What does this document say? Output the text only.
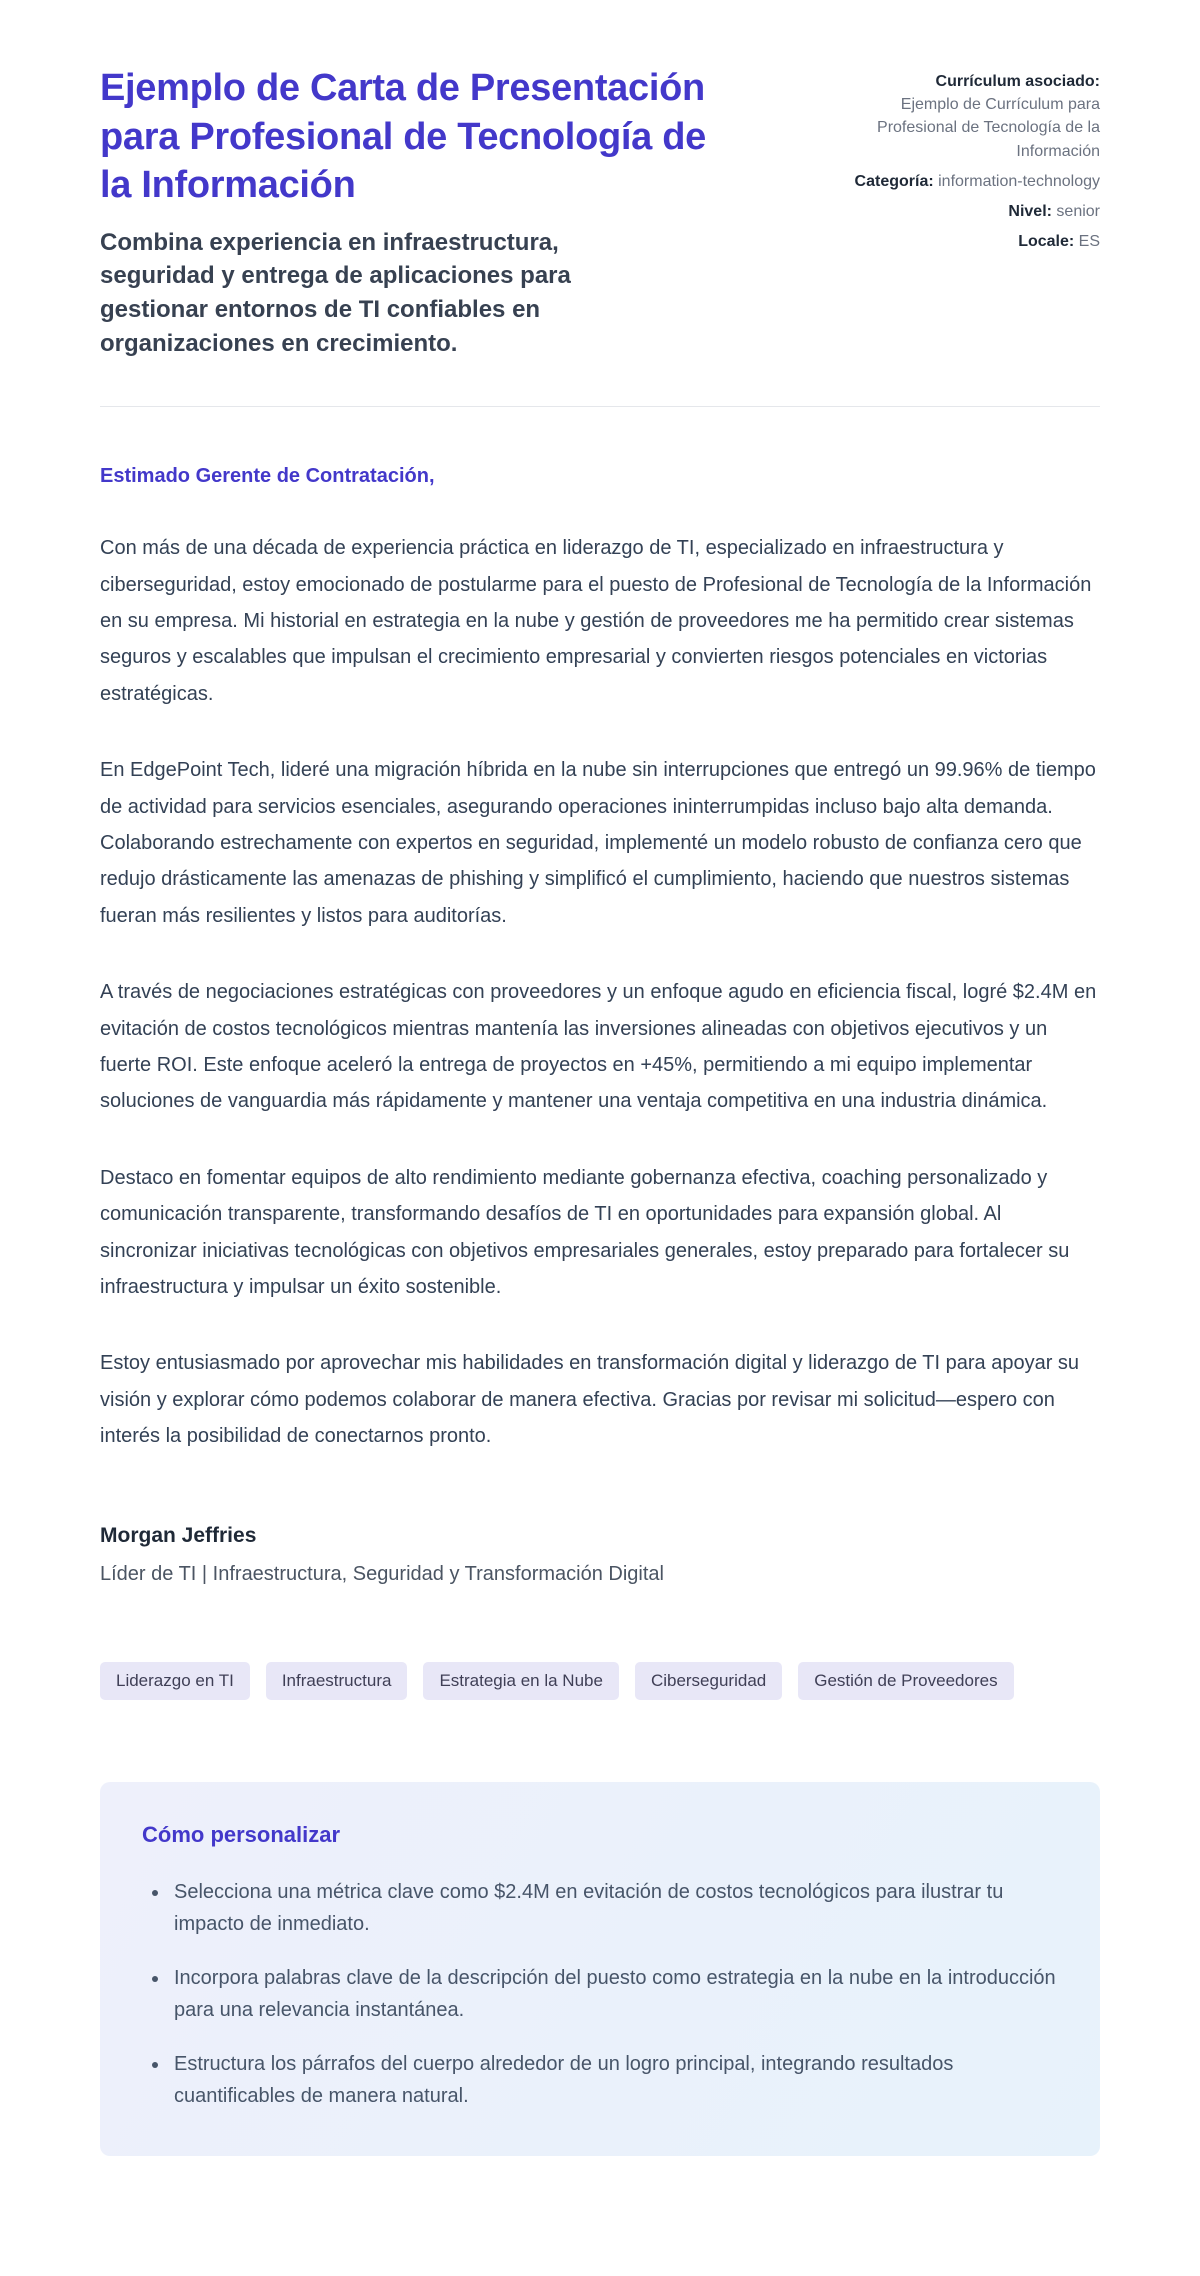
Ejemplo de Carta de Presentación para Profesional de Tecnología de la Información

Combina experiencia en infraestructura, seguridad y entrega de aplicaciones para gestionar entornos de TI confiables en organizaciones en crecimiento.

Currículum asociado:
Ejemplo de Currículum para Profesional de Tecnología de la Información
Categoría: information-technology
Nivel: senior
Locale: ES

Estimado Gerente de Contratación,

Con más de una década de experiencia práctica en liderazgo de TI, especializado en infraestructura y ciberseguridad, estoy emocionado de postularme para el puesto de Profesional de Tecnología de la Información en su empresa. Mi historial en estrategia en la nube y gestión de proveedores me ha permitido crear sistemas seguros y escalables que impulsan el crecimiento empresarial y convierten riesgos potenciales en victorias estratégicas.

En EdgePoint Tech, lideré una migración híbrida en la nube sin interrupciones que entregó un 99.96% de tiempo de actividad para servicios esenciales, asegurando operaciones ininterrumpidas incluso bajo alta demanda. Colaborando estrechamente con expertos en seguridad, implementé un modelo robusto de confianza cero que redujo drásticamente las amenazas de phishing y simplificó el cumplimiento, haciendo que nuestros sistemas fueran más resilientes y listos para auditorías.

A través de negociaciones estratégicas con proveedores y un enfoque agudo en eficiencia fiscal, logré $2.4M en evitación de costos tecnológicos mientras mantenía las inversiones alineadas con objetivos ejecutivos y un fuerte ROI. Este enfoque aceleró la entrega de proyectos en +45%, permitiendo a mi equipo implementar soluciones de vanguardia más rápidamente y mantener una ventaja competitiva en una industria dinámica.

Destaco en fomentar equipos de alto rendimiento mediante gobernanza efectiva, coaching personalizado y comunicación transparente, transformando desafíos de TI en oportunidades para expansión global. Al sincronizar iniciativas tecnológicas con objetivos empresariales generales, estoy preparado para fortalecer su infraestructura y impulsar un éxito sostenible.

Estoy entusiasmado por aprovechar mis habilidades en transformación digital y liderazgo de TI para apoyar su visión y explorar cómo podemos colaborar de manera efectiva. Gracias por revisar mi solicitud—espero con interés la posibilidad de conectarnos pronto.

Morgan Jeffries

Líder de TI | Infraestructura, Seguridad y Transformación Digital

Liderazgo en TI	Infraestructura	Estrategia en la Nube	Ciberseguridad	Gestión de Proveedores
Cómo personalizar
• Selecciona una métrica clave como $2.4M en evitación de costos tecnológicos para ilustrar tu impacto de inmediato.
• Incorpora palabras clave de la descripción del puesto como estrategia en la nube en la introducción para una relevancia instantánea.
• Estructura los párrafos del cuerpo alrededor de un logro principal, integrando resultados cuantificables de manera natural.
